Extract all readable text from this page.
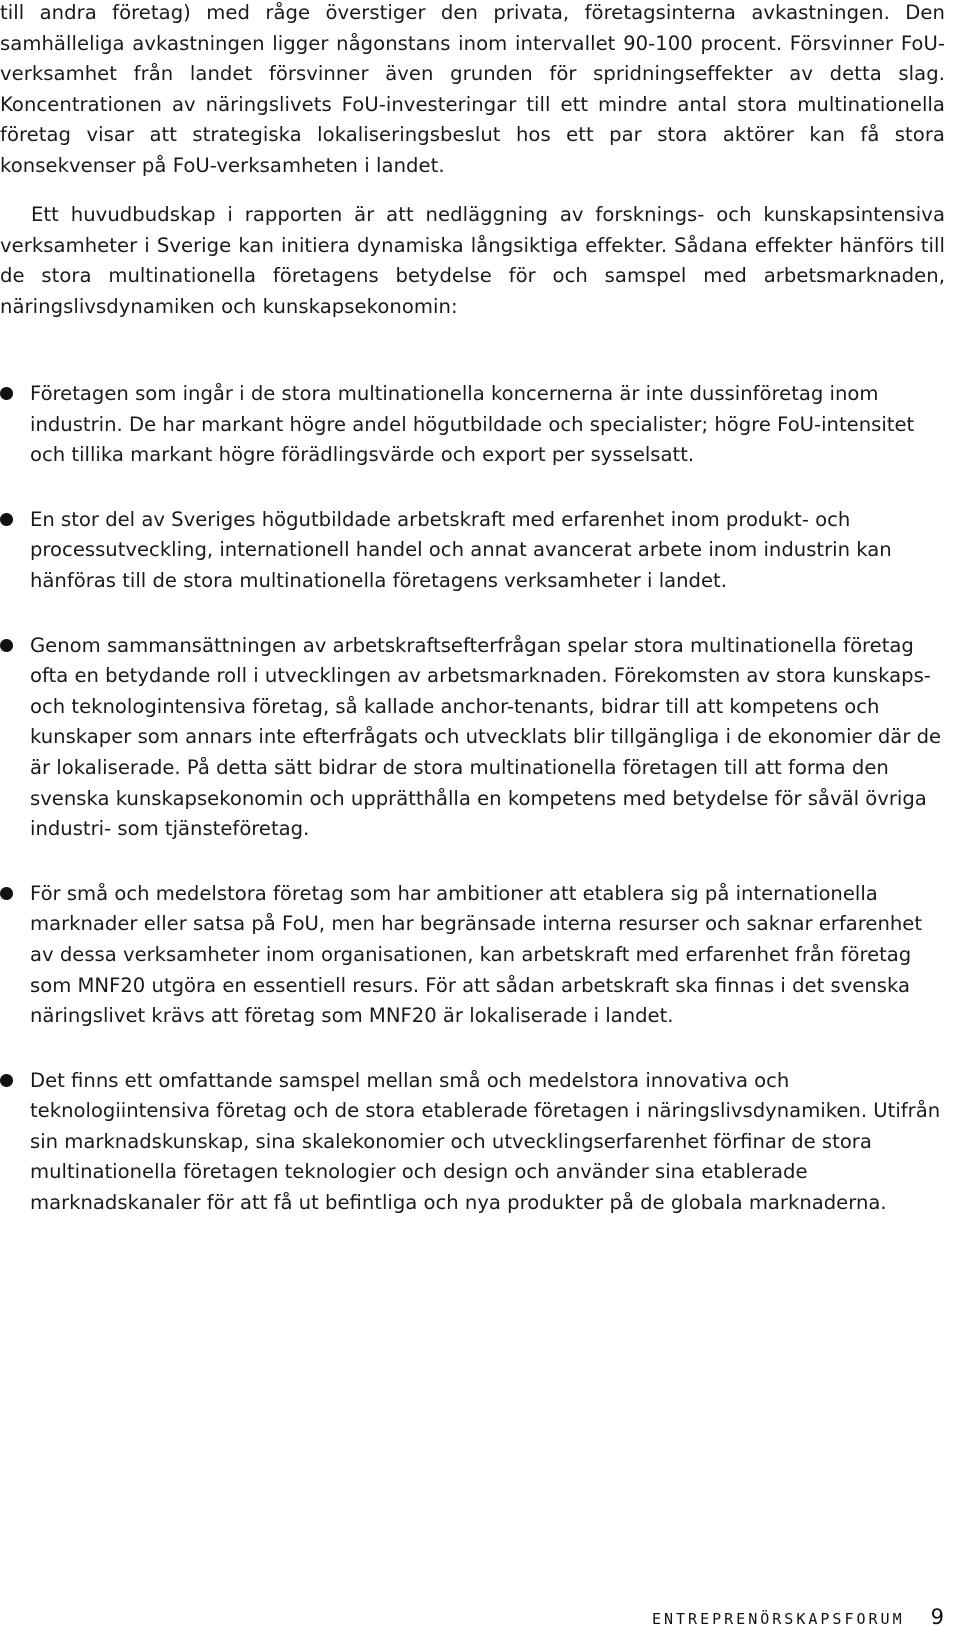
till andra företag) med råge överstiger den privata, företagsinterna avkastningen. Den samhälleliga avkastningen ligger någonstans inom intervallet 90-100 procent. Försvinner FoU-verksamhet från landet försvinner även grunden för spridningseffekter av detta slag. Koncentrationen av näringslivets FoU-investeringar till ett mindre antal stora multinationella företag visar att strategiska lokaliseringsbeslut hos ett par stora aktörer kan få stora konsekvenser på FoU-verksamheten i landet.

Ett huvudbudskap i rapporten är att nedläggning av forsknings- och kunskapsintensiva verksamheter i Sverige kan initiera dynamiska långsiktiga effekter. Sådana effekter hänförs till de stora multinationella företagens betydelse för och samspel med arbetsmarknaden, näringslivsdynamiken och kunskapsekonomin:

Företagen som ingår i de stora multinationella koncernerna är inte dussinföretag inom industrin. De har markant högre andel högutbildade och specialister; högre FoU-intensitet och tillika markant högre förädlingsvärde och export per sysselsatt.
En stor del av Sveriges högutbildade arbetskraft med erfarenhet inom produkt- och processutveckling, internationell handel och annat avancerat arbete inom industrin kan hänföras till de stora multinationella företagens verksamheter i landet.
Genom sammansättningen av arbetskraftsefterfrågan spelar stora multinationella företag ofta en betydande roll i utvecklingen av arbetsmarknaden. Förekomsten av stora kunskaps- och teknologintensiva företag, så kallade anchor-tenants, bidrar till att kompetens och kunskaper som annars inte efterfrågats och utvecklats blir tillgängliga i de ekonomier där de är lokaliserade. På detta sätt bidrar de stora multinationella företagen till att forma den svenska kunskapsekonomin och upprätthålla en kompetens med betydelse för såväl övriga industri- som tjänsteföretag.
För små och medelstora företag som har ambitioner att etablera sig på internationella marknader eller satsa på FoU, men har begränsade interna resurser och saknar erfarenhet av dessa verksamheter inom organisationen, kan arbetskraft med erfarenhet från företag som MNF20 utgöra en essentiell resurs. För att sådan arbetskraft ska finnas i det svenska näringslivet krävs att företag som MNF20 är lokaliserade i landet.
Det finns ett omfattande samspel mellan små och medelstora innovativa och teknologiintensiva företag och de stora etablerade företagen i näringslivsdynamiken. Utifrån sin marknadskunskap, sina skalekonomier och utvecklingserfarenhet förfinar de stora multinationella företagen teknologier och design och använder sina etablerade marknadskanaler för att få ut befintliga och nya produkter på de globala marknaderna.
ENTREPRENÖRSKAPSFORUM 9
